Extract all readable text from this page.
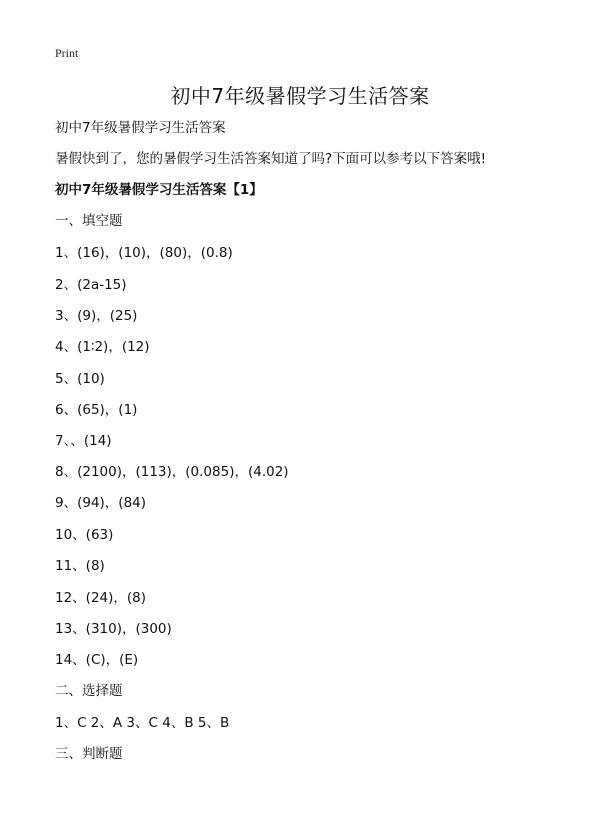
Print
初中7年级暑假学习生活答案
初中7年级暑假学习生活答案
暑假快到了，您的暑假学习生活答案知道了吗?下面可以参考以下答案哦!
初中7年级暑假学习生活答案【1】
一、填空题
1、(16)，(10)，(80)，(0.8)
2、(2a-15)
3、(9)，(25)
4、(1∶2)，(12)
5、(10)
6、(65)，(1)
7、、(14)
8、(2100)，(113)，(0.085)，(4.02)
9、(94)，(84)
10、(63)
11、(8)
12、(24)，(8)
13、(310)，(300)
14、(C)，(E)
二、选择题
1、C 2、A 3、C 4、B 5、B
三、判断题
